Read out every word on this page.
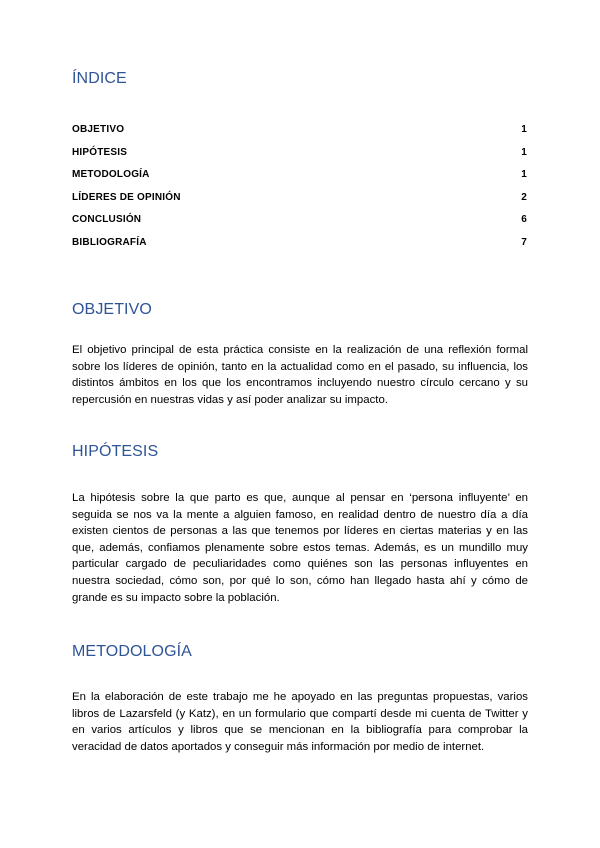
ÍNDICE
OBJETIVO	1
HIPÓTESIS	1
METODOLOGÍA	1
LÍDERES DE OPINIÓN	2
CONCLUSIÓN	6
BIBLIOGRAFÍA	7
OBJETIVO

El objetivo principal de esta práctica consiste en la realización de una reflexión formal sobre los líderes de opinión, tanto en la actualidad como en el pasado, su influencia, los distintos ámbitos en los que los encontramos incluyendo nuestro círculo cercano y su repercusión en nuestras vidas y así poder analizar su impacto.

HIPÓTESIS

La hipótesis sobre la que parto es que, aunque al pensar en ‘persona influyente’ en seguida se nos va la mente a alguien famoso, en realidad dentro de nuestro día a día existen cientos de personas a las que tenemos por líderes en ciertas materias y en las que, además, confiamos plenamente sobre estos temas. Además, es un mundillo muy particular cargado de peculiaridades como quiénes son las personas influyentes en nuestra sociedad, cómo son, por qué lo son, cómo han llegado hasta ahí y cómo de grande es su impacto sobre la población.

METODOLOGÍA

En la elaboración de este trabajo me he apoyado en las preguntas propuestas, varios libros de Lazarsfeld (y Katz), en un formulario que compartí desde mi cuenta de Twitter y en varios artículos y libros que se mencionan en la bibliografía para comprobar la veracidad de datos aportados y conseguir más información por medio de internet.
